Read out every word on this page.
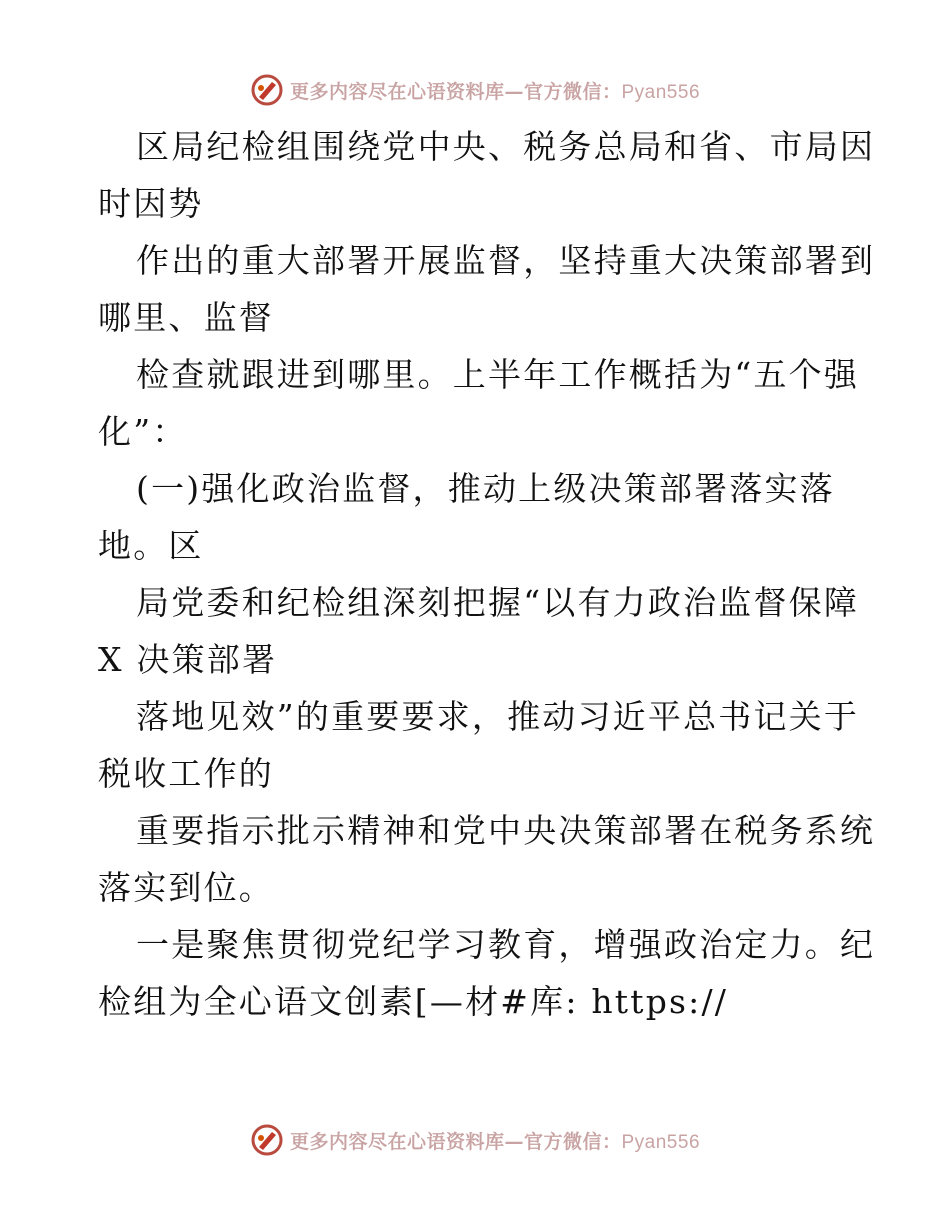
更多内容尽在心语资料库—官方微信：Pyan556
区局纪检组围绕党中央、税务总局和省、市局因
时因势
作出的重大部署开展监督，坚持重大决策部署到
哪里、监督
检查就跟进到哪里。上半年工作概括为“五个强
化”：
(一)强化政治监督，推动上级决策部署落实落
地。区
局党委和纪检组深刻把握“以有力政治监督保障
X 决策部署
落地见效”的重要要求，推动习近平总书记关于
税收工作的
重要指示批示精神和党中央决策部署在税务系统
落实到位。
一是聚焦贯彻党纪学习教育，增强政治定力。纪
检组为全心语文创素[—材#库: https://
更多内容尽在心语资料库—官方微信：Pyan556
